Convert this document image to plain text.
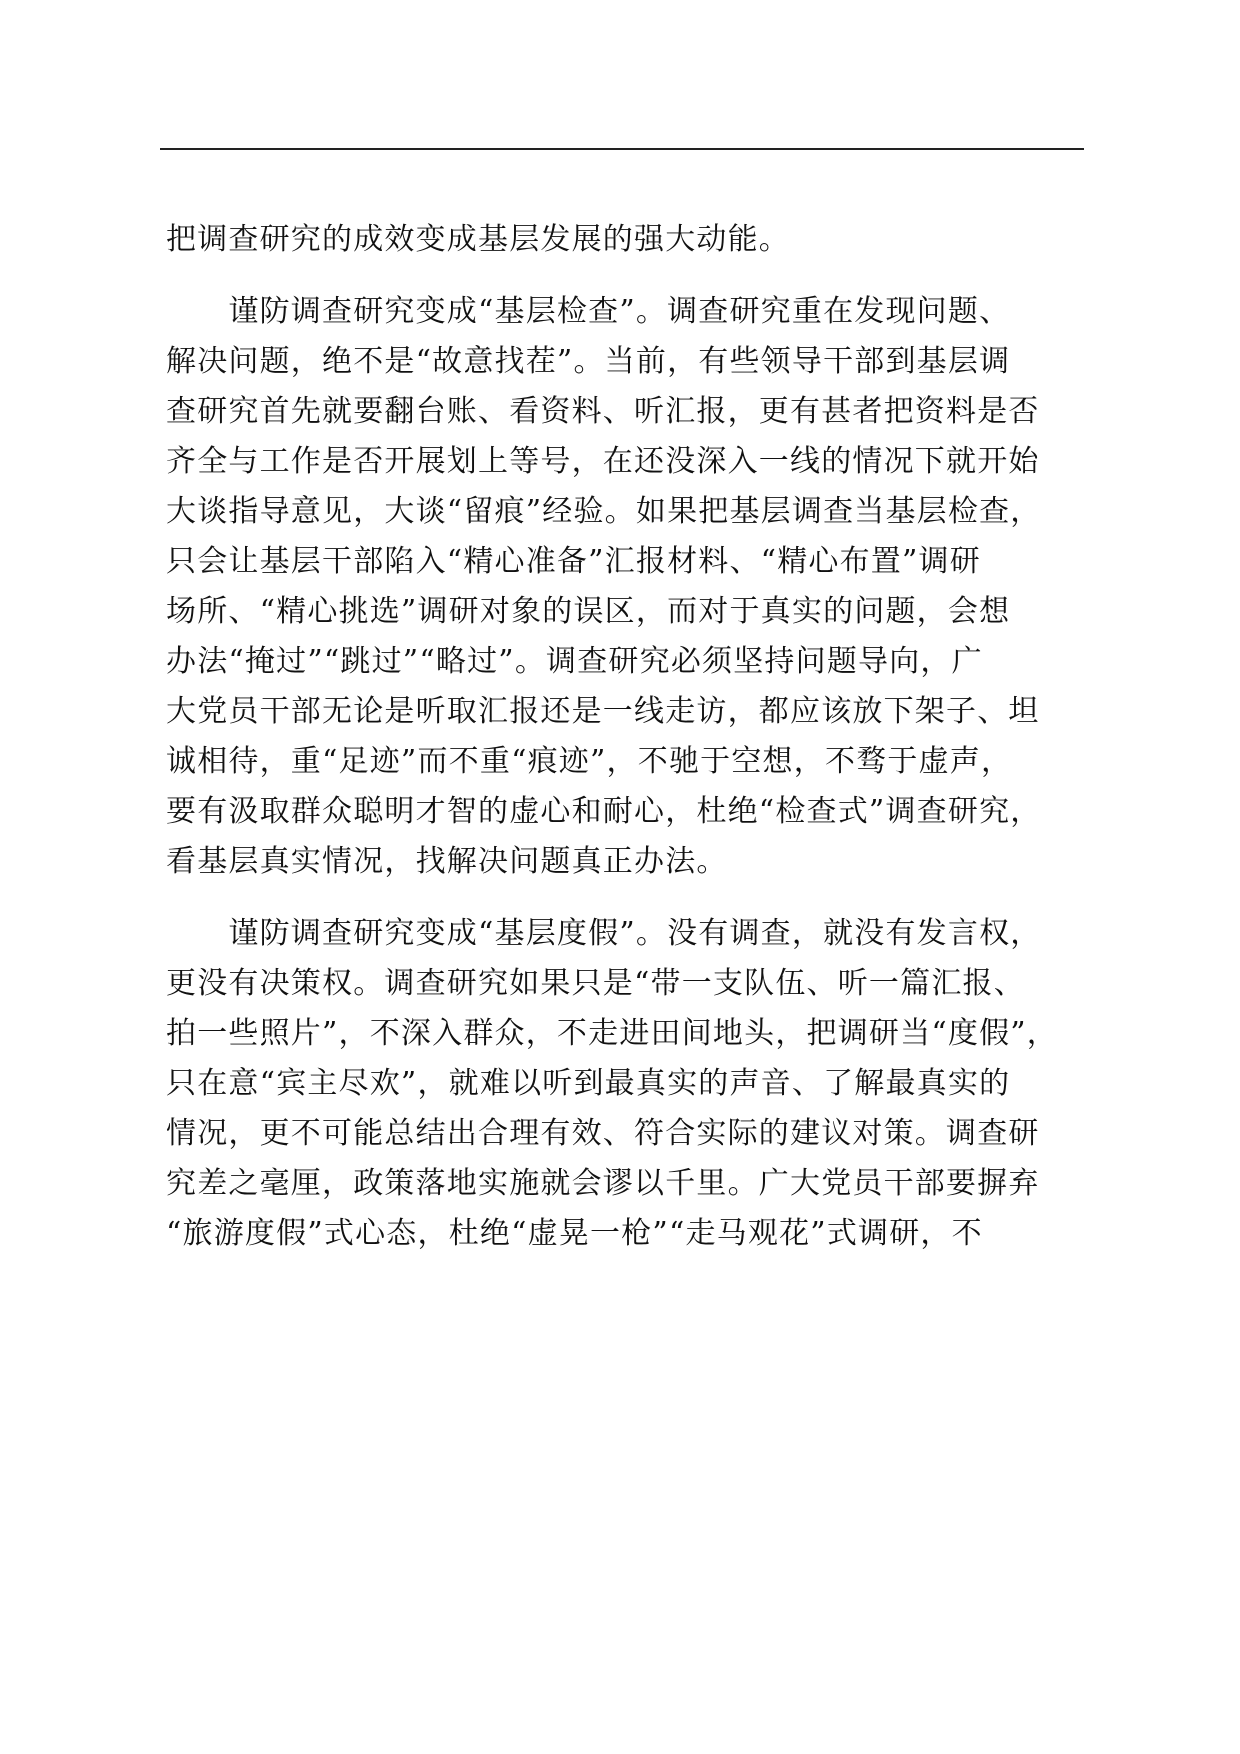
把调查研究的成效变成基层发展的强大动能。
　　谨防调查研究变成“基层检查”。调查研究重在发现问题、
解决问题，绝不是“故意找茬”。当前，有些领导干部到基层调
查研究首先就要翻台账、看资料、听汇报，更有甚者把资料是否
齐全与工作是否开展划上等号，在还没深入一线的情况下就开始
大谈指导意见，大谈“留痕”经验。如果把基层调查当基层检查，
只会让基层干部陷入“精心准备”汇报材料、“精心布置”调研
场所、“精心挑选”调研对象的误区，而对于真实的问题，会想
办法“掩过”“跳过”“略过”。调查研究必须坚持问题导向，广
大党员干部无论是听取汇报还是一线走访，都应该放下架子、坦
诚相待，重“足迹”而不重“痕迹”，不驰于空想，不骛于虚声，
要有汲取群众聪明才智的虚心和耐心，杜绝“检查式”调查研究，
看基层真实情况，找解决问题真正办法。
　　谨防调查研究变成“基层度假”。没有调查，就没有发言权，
更没有决策权。调查研究如果只是“带一支队伍、听一篇汇报、
拍一些照片”，不深入群众，不走进田间地头，把调研当“度假”，
只在意“宾主尽欢”，就难以听到最真实的声音、了解最真实的
情况，更不可能总结出合理有效、符合实际的建议对策。调查研
究差之毫厘，政策落地实施就会谬以千里。广大党员干部要摒弃
“旅游度假”式心态，杜绝“虚晃一枪”“走马观花”式调研，不
